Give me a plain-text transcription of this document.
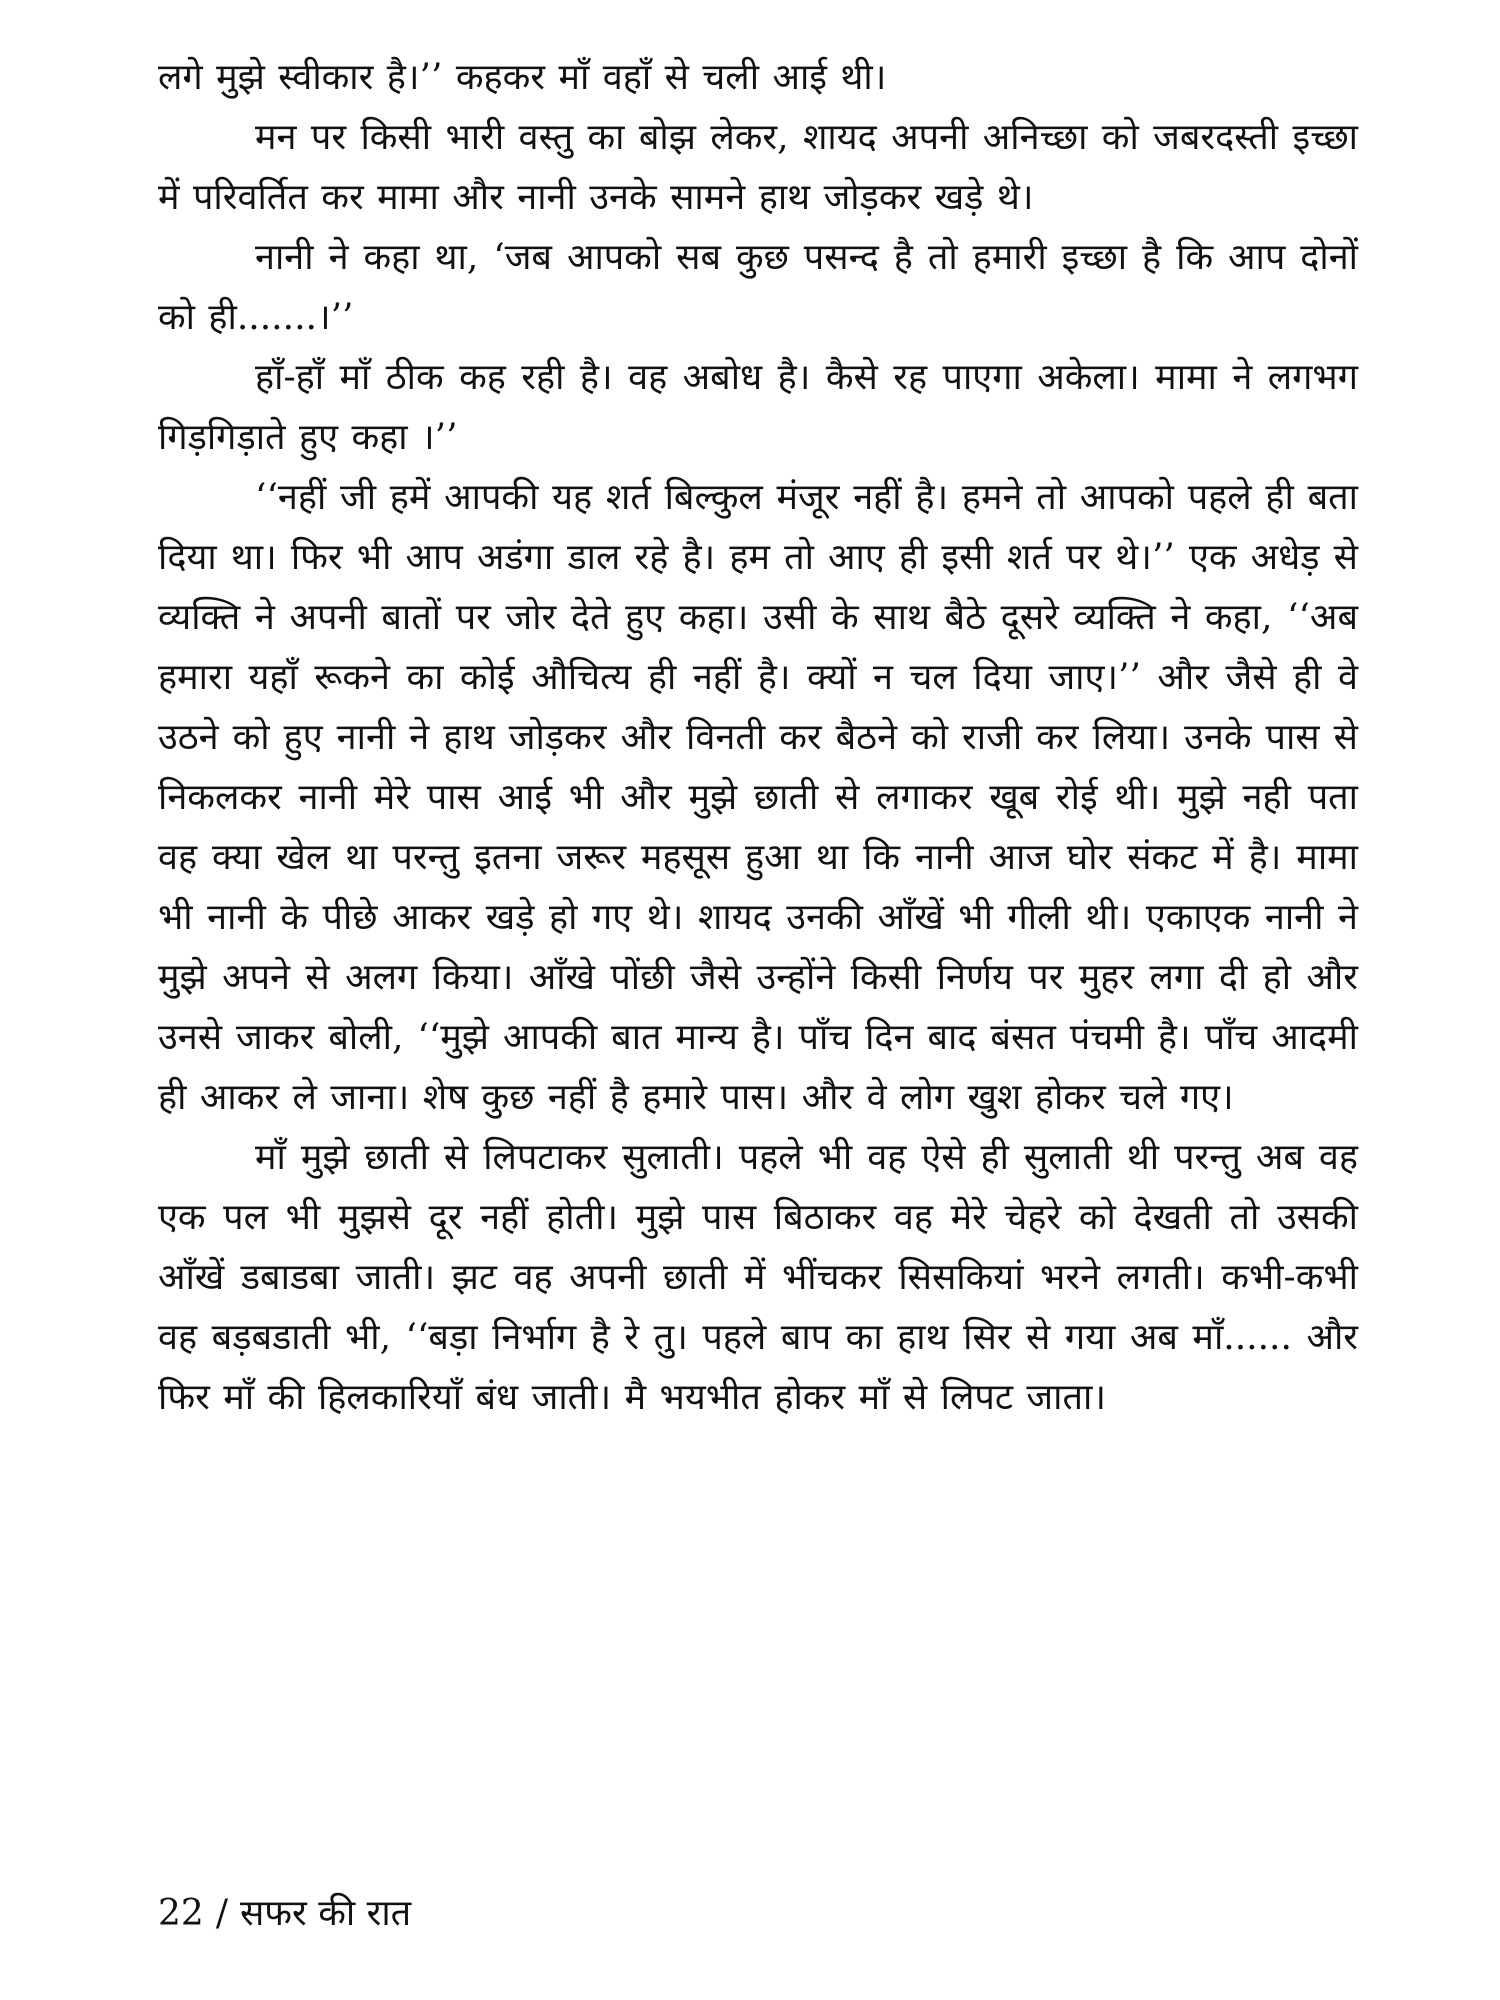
लगे मुझे स्वीकार है।’’ कहकर माँ वहाँ से चली आई थी।

मन पर किसी भारी वस्तु का बोझ लेकर, शायद अपनी अनिच्छा को जबरदस्ती इच्छा में परिवर्तित कर मामा और नानी उनके सामने हाथ जोड़कर खड़े थे।

नानी ने कहा था, ‘जब आपको सब कुछ पसन्द है तो हमारी इच्छा है कि आप दोनों को ही.......।’’

हाँ-हाँ माँ ठीक कह रही है। वह अबोध है। कैसे रह पाएगा अकेला। मामा ने लगभग गिड़गिड़ाते हुए कहा ।’’

‘‘नहीं जी हमें आपकी यह शर्त बिल्कुल मंजूर नहीं है। हमने तो आपको पहले ही बता दिया था। फिर भी आप अडंगा डाल रहे है। हम तो आए ही इसी शर्त पर थे।’’ एक अधेड़ से व्यक्ति ने अपनी बातों पर जोर देते हुए कहा। उसी के साथ बैठे दूसरे व्यक्ति ने कहा, ‘‘अब हमारा यहाँ रूकने का कोई औचित्य ही नहीं है। क्यों न चल दिया जाए।’’ और जैसे ही वे उठने को हुए नानी ने हाथ जोड़कर और विनती कर बैठने को राजी कर लिया। उनके पास से निकलकर नानी मेरे पास आई भी और मुझे छाती से लगाकर खूब रोई थी। मुझे नही पता वह क्या खेल था परन्तु इतना जरूर महसूस हुआ था कि नानी आज घोर संकट में है। मामा भी नानी के पीछे आकर खड़े हो गए थे। शायद उनकी आँखें भी गीली थी। एकाएक नानी ने मुझे अपने से अलग किया। आँखे पोंछी जैसे उन्होंने किसी निर्णय पर मुहर लगा दी हो और उनसे जाकर बोली, ‘‘मुझे आपकी बात मान्य है। पाँच दिन बाद बंसत पंचमी है। पाँच आदमी ही आकर ले जाना। शेष कुछ नहीं है हमारे पास। और वे लोग खुश होकर चले गए।

माँ मुझे छाती से लिपटाकर सुलाती। पहले भी वह ऐसे ही सुलाती थी परन्तु अब वह एक पल भी मुझसे दूर नहीं होती। मुझे पास बिठाकर वह मेरे चेहरे को देखती तो उसकी आँखें डबाडबा जाती। झट वह अपनी छाती में भींचकर सिसकियां भरने लगती। कभी-कभी वह बड़बडाती भी, ‘‘बड़ा निर्भाग है रे तु। पहले बाप का हाथ सिर से गया अब माँ...... और फिर माँ की हिलकारियाँ बंध जाती। मै भयभीत होकर माँ से लिपट जाता।

22 / सफर की रात
